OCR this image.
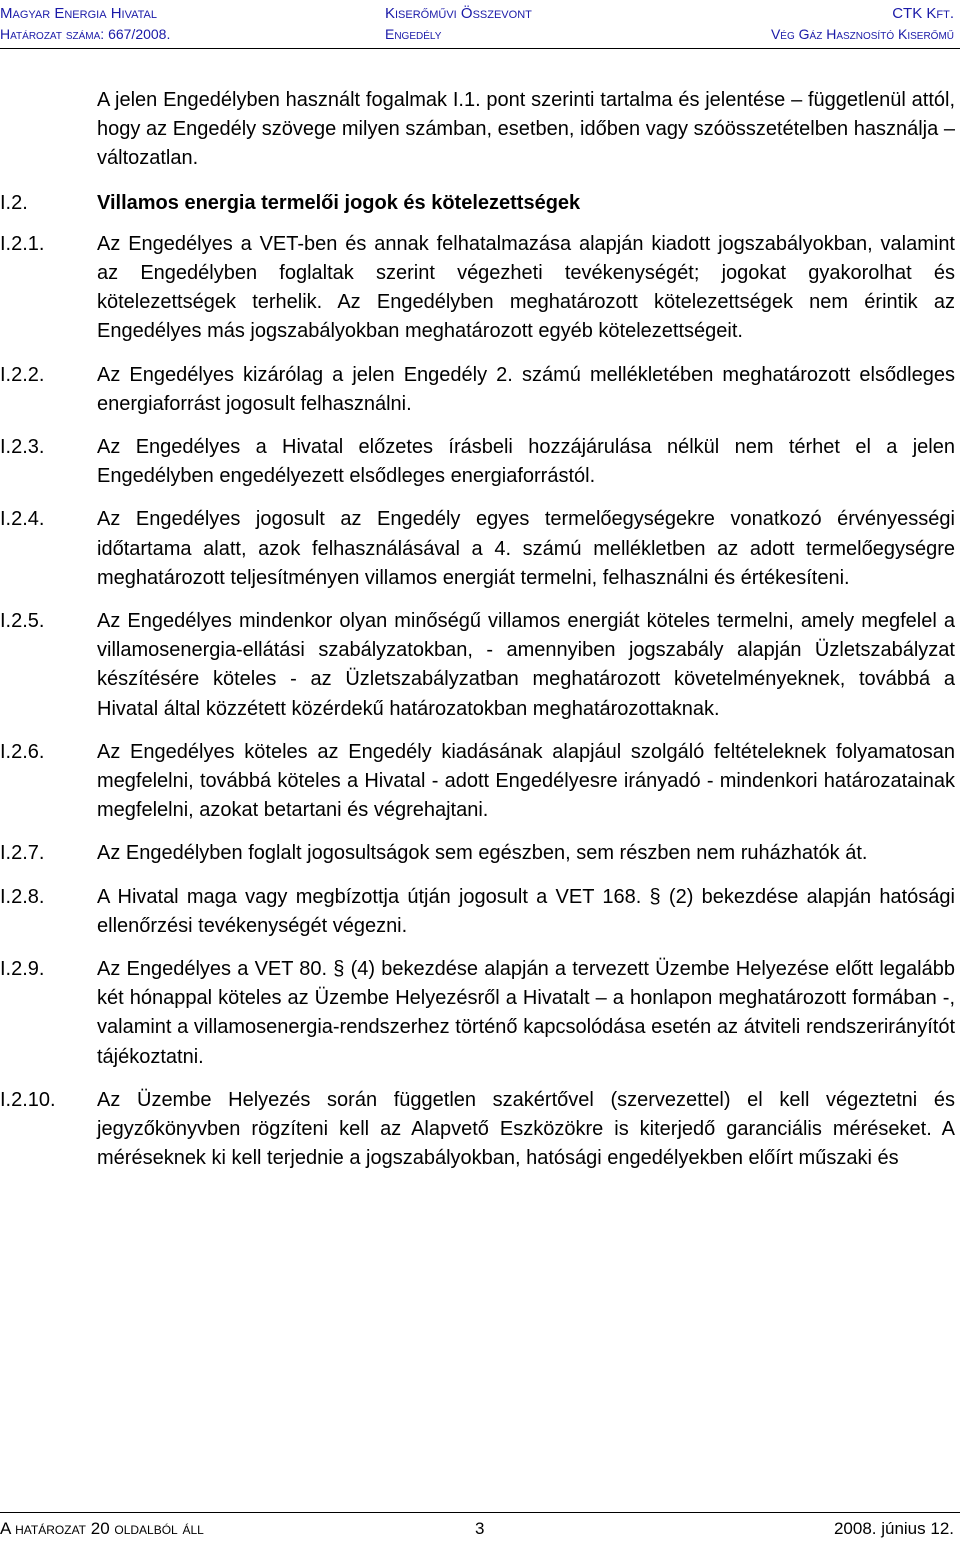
Magyar Energia Hivatal	Kiserőművi Összevont	CTK Kft.
Határozat száma: 667/2008.	Engedély	Vég Gáz Hasznosító Kiserőmű
A jelen Engedélyben használt fogalmak I.1. pont szerinti tartalma és jelentése – függetlenül attól, hogy az Engedély szövege milyen számban, esetben, időben vagy szóösszetételben használja – változatlan.
I.2.	Villamos energia termelői jogok és kötelezettségek
I.2.1.	Az Engedélyes a VET-ben és annak felhatalmazása alapján kiadott jogszabályokban, valamint az Engedélyben foglaltak szerint végezheti tevékenységét; jogokat gyakorolhat és kötelezettségek terhelik. Az Engedélyben meghatározott kötelezettségek nem érintik az Engedélyes más jogszabályokban meghatározott egyéb kötelezettségeit.
I.2.2.	Az Engedélyes kizárólag a jelen Engedély 2. számú mellékletében meghatározott elsődleges energiaforrást jogosult felhasználni.
I.2.3.	Az Engedélyes a Hivatal előzetes írásbeli hozzájárulása nélkül nem térhet el a jelen Engedélyben engedélyezett elsődleges energiaforrástól.
I.2.4.	Az Engedélyes jogosult az Engedély egyes termelőegységekre vonatkozó érvényességi időtartama alatt, azok felhasználásával a 4. számú mellékletben az adott termelőegységre meghatározott teljesítményen villamos energiát termelni, felhasználni és értékesíteni.
I.2.5.	Az Engedélyes mindenkor olyan minőségű villamos energiát köteles termelni, amely megfelel a villamosenergia-ellátási szabályzatokban, - amennyiben jogszabály alapján Üzletszabályzat készítésére köteles - az Üzletszabályzatban meghatározott követelményeknek, továbbá a Hivatal által közzétett közérdekű határozatokban meghatározottaknak.
I.2.6.	Az Engedélyes köteles az Engedély kiadásának alapjául szolgáló feltételeknek folyamatosan megfelelni, továbbá köteles a Hivatal - adott Engedélyesre irányadó - mindenkori határozatainak megfelelni, azokat betartani és végrehajtani.
I.2.7.	Az Engedélyben foglalt jogosultságok sem egészben, sem részben nem ruházhatók át.
I.2.8.	A Hivatal maga vagy megbízottja útján jogosult a VET 168. § (2) bekezdése alapján hatósági ellenőrzési tevékenységét végezni.
I.2.9.	Az Engedélyes a VET 80. § (4) bekezdése alapján a tervezett Üzembe Helyezése előtt legalább két hónappal köteles az Üzembe Helyezésről a Hivatalt – a honlapon meghatározott formában -, valamint a villamosenergia-rendszerhez történő kapcsolódása esetén az átviteli rendszerirányítót tájékoztatni.
I.2.10.	Az Üzembe Helyezés során független szakértővel (szervezettel) el kell végeztetni és jegyzőkönyvben rögzíteni kell az Alapvető Eszközökre is kiterjedő garanciális méréseket. A méréseknek ki kell terjednie a jogszabályokban, hatósági engedélyekben előírt műszaki és
A határozat 20 oldalból áll	3	2008. június 12.
